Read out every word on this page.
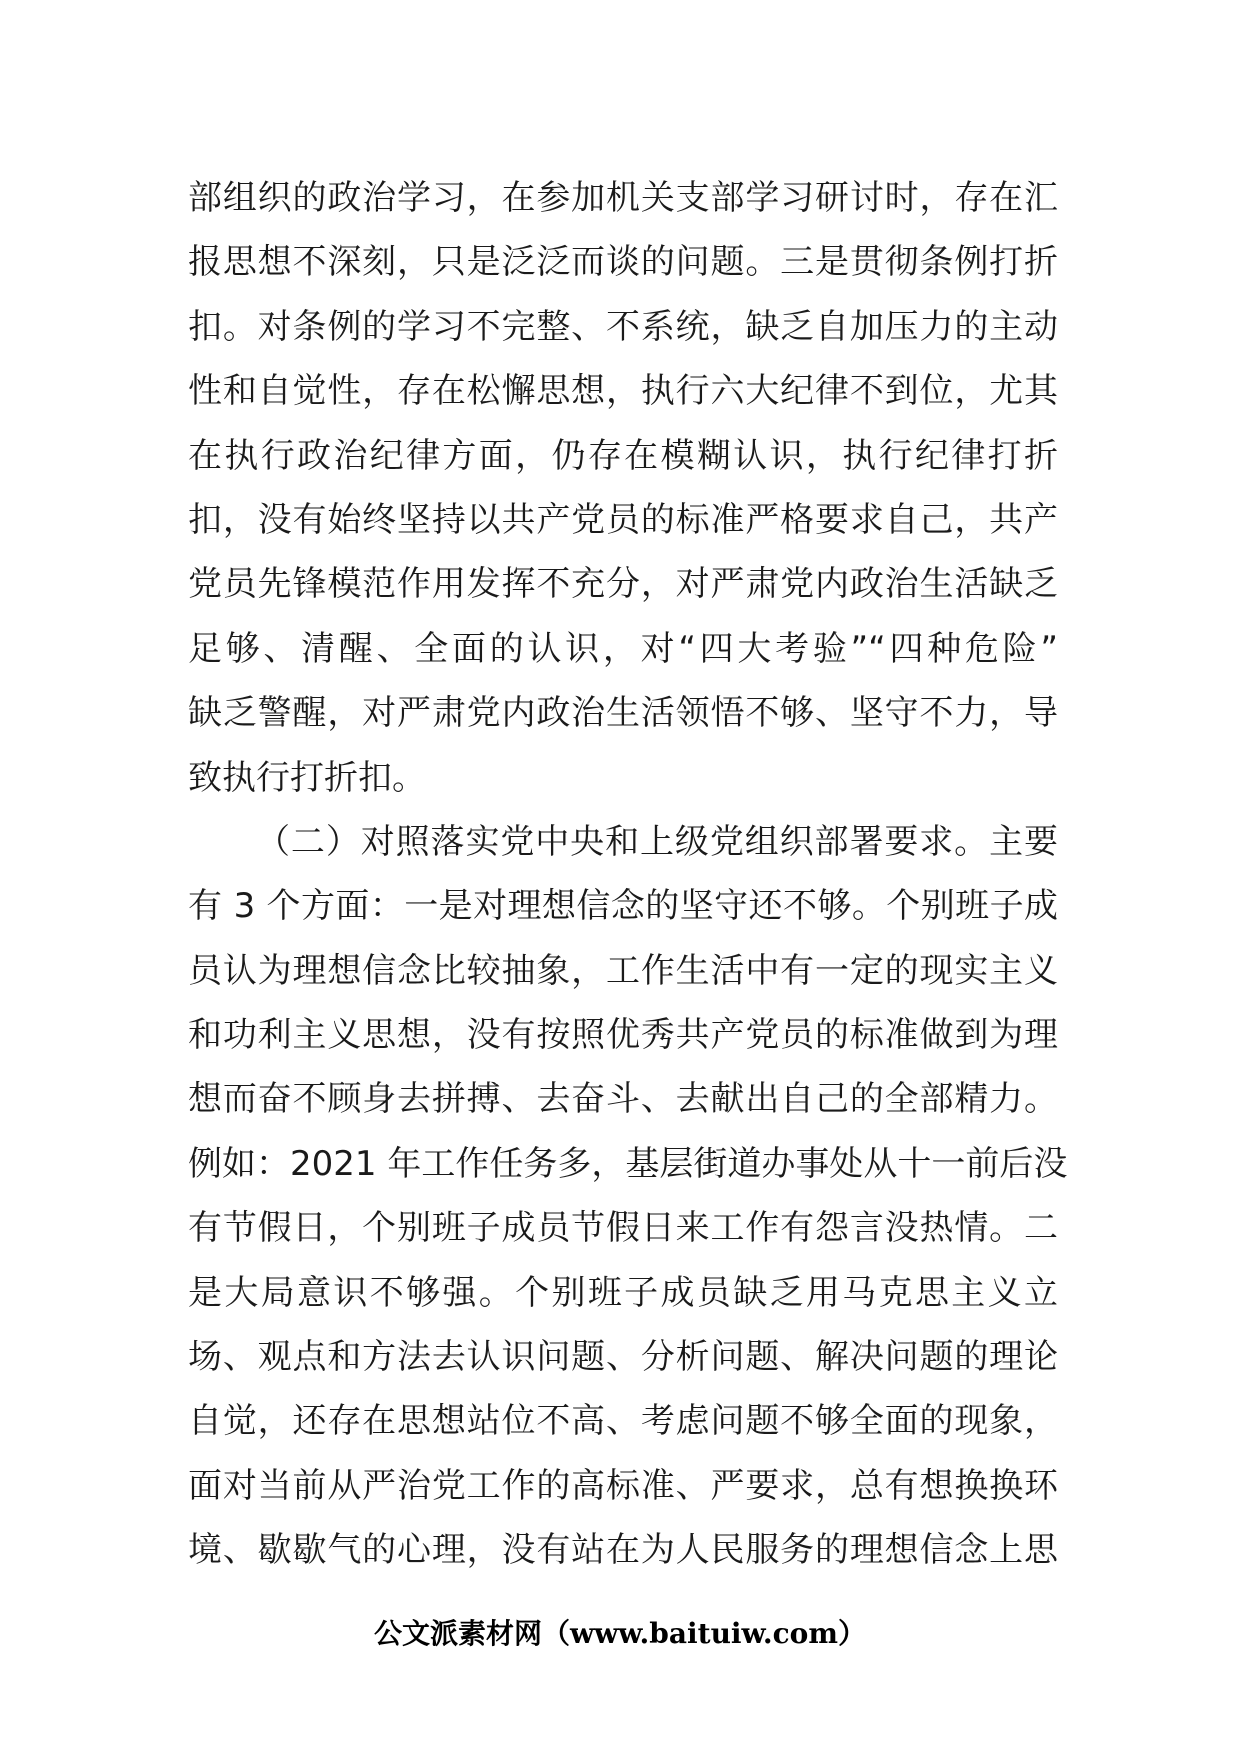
部组织的政治学习，在参加机关支部学习研讨时，存在汇
报思想不深刻，只是泛泛而谈的问题。三是贯彻条例打折
扣。对条例的学习不完整、不系统，缺乏自加压力的主动
性和自觉性，存在松懈思想，执行六大纪律不到位，尤其
在执行政治纪律方面，仍存在模糊认识，执行纪律打折
扣，没有始终坚持以共产党员的标准严格要求自己，共产
党员先锋模范作用发挥不充分，对严肃党内政治生活缺乏
足够、清醒、全面的认识，对“四大考验”“四种危险”
缺乏警醒，对严肃党内政治生活领悟不够、坚守不力，导
致执行打折扣。
（二）对照落实党中央和上级党组织部署要求。主要
有 3 个方面：一是对理想信念的坚守还不够。个别班子成
员认为理想信念比较抽象，工作生活中有一定的现实主义
和功利主义思想，没有按照优秀共产党员的标准做到为理
想而奋不顾身去拼搏、去奋斗、去献出自己的全部精力。
例如：2021 年工作任务多，基层街道办事处从十一前后没
有节假日，个别班子成员节假日来工作有怨言没热情。二
是大局意识不够强。个别班子成员缺乏用马克思主义立
场、观点和方法去认识问题、分析问题、解决问题的理论
自觉，还存在思想站位不高、考虑问题不够全面的现象，
面对当前从严治党工作的高标准、严要求，总有想换换环
境、歇歇气的心理，没有站在为人民服务的理想信念上思
公文派素材网（www.baituiw.com）
